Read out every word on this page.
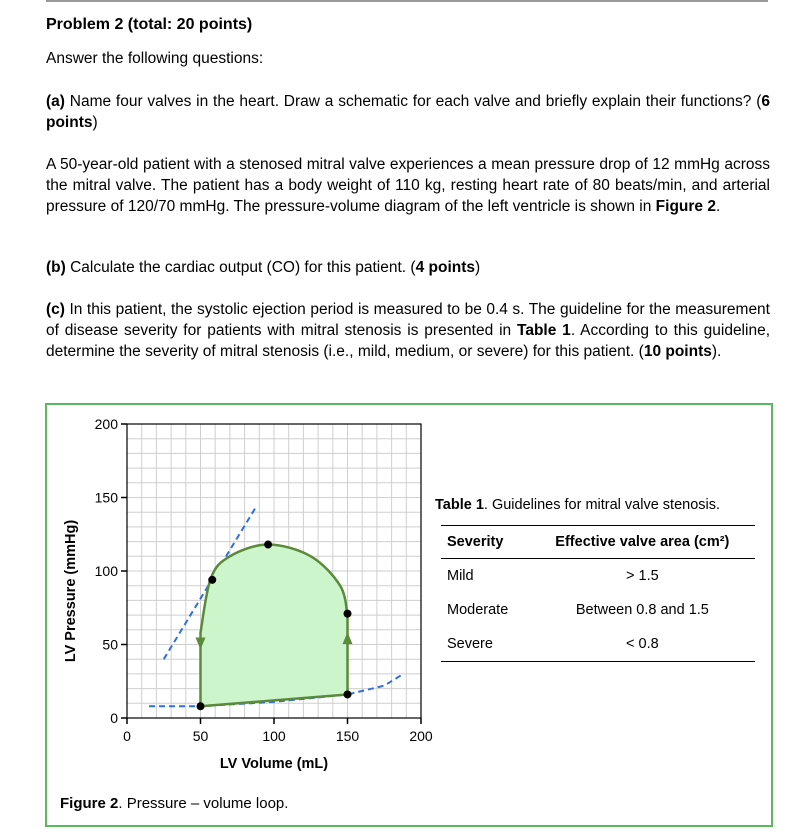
Problem 2 (total: 20 points)

Answer the following questions:

(a) Name four valves in the heart. Draw a schematic for each valve and briefly explain their functions? (6 points)

A 50-year-old patient with a stenosed mitral valve experiences a mean pressure drop of 12 mmHg across the mitral valve. The patient has a body weight of 110 kg, resting heart rate of 80 beats/min, and arterial pressure of 120/70 mmHg. The pressure-volume diagram of the left ventricle is shown in Figure 2.

(b) Calculate the cardiac output (CO) for this patient. (4 points)

(c) In this patient, the systolic ejection period is measured to be 0.4 s. The guideline for the measurement of disease severity for patients with mitral stenosis is presented in Table 1. According to this guideline, determine the severity of mitral stenosis (i.e., mild, medium, or severe) for this patient. (10 points).

0
50
100
150
200
0	50	100	150	200
LV Volume (mL)
LV Pressure (mmHg)

Figure 2. Pressure – volume loop.

Table 1. Guidelines for mitral valve stenosis.

Severity	Effective valve area (cm²)
Mild	> 1.5
Moderate	Between 0.8 and 1.5
Severe	< 0.8
